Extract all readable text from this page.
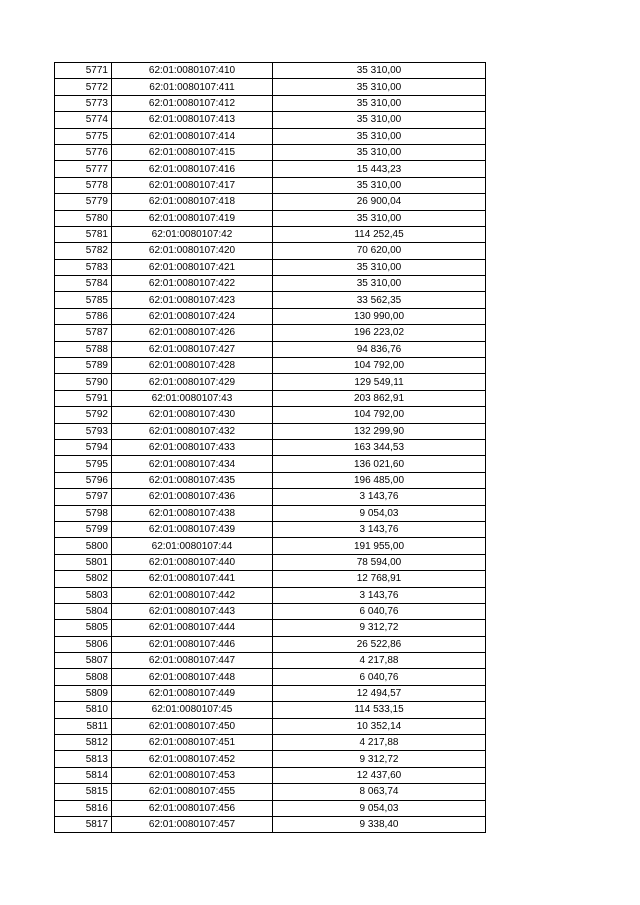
5771	62:01:0080107:410	35 310,00
5772	62:01:0080107:411	35 310,00
5773	62:01:0080107:412	35 310,00
5774	62:01:0080107:413	35 310,00
5775	62:01:0080107:414	35 310,00
5776	62:01:0080107:415	35 310,00
5777	62:01:0080107:416	15 443,23
5778	62:01:0080107:417	35 310,00
5779	62:01:0080107:418	26 900,04
5780	62:01:0080107:419	35 310,00
5781	62:01:0080107:42	114 252,45
5782	62:01:0080107:420	70 620,00
5783	62:01:0080107:421	35 310,00
5784	62:01:0080107:422	35 310,00
5785	62:01:0080107:423	33 562,35
5786	62:01:0080107:424	130 990,00
5787	62:01:0080107:426	196 223,02
5788	62:01:0080107:427	94 836,76
5789	62:01:0080107:428	104 792,00
5790	62:01:0080107:429	129 549,11
5791	62:01:0080107:43	203 862,91
5792	62:01:0080107:430	104 792,00
5793	62:01:0080107:432	132 299,90
5794	62:01:0080107:433	163 344,53
5795	62:01:0080107:434	136 021,60
5796	62:01:0080107:435	196 485,00
5797	62:01:0080107:436	3 143,76
5798	62:01:0080107:438	9 054,03
5799	62:01:0080107:439	3 143,76
5800	62:01:0080107:44	191 955,00
5801	62:01:0080107:440	78 594,00
5802	62:01:0080107:441	12 768,91
5803	62:01:0080107:442	3 143,76
5804	62:01:0080107:443	6 040,76
5805	62:01:0080107:444	9 312,72
5806	62:01:0080107:446	26 522,86
5807	62:01:0080107:447	4 217,88
5808	62:01:0080107:448	6 040,76
5809	62:01:0080107:449	12 494,57
5810	62:01:0080107:45	114 533,15
5811	62:01:0080107:450	10 352,14
5812	62:01:0080107:451	4 217,88
5813	62:01:0080107:452	9 312,72
5814	62:01:0080107:453	12 437,60
5815	62:01:0080107:455	8 063,74
5816	62:01:0080107:456	9 054,03
5817	62:01:0080107:457	9 338,40
